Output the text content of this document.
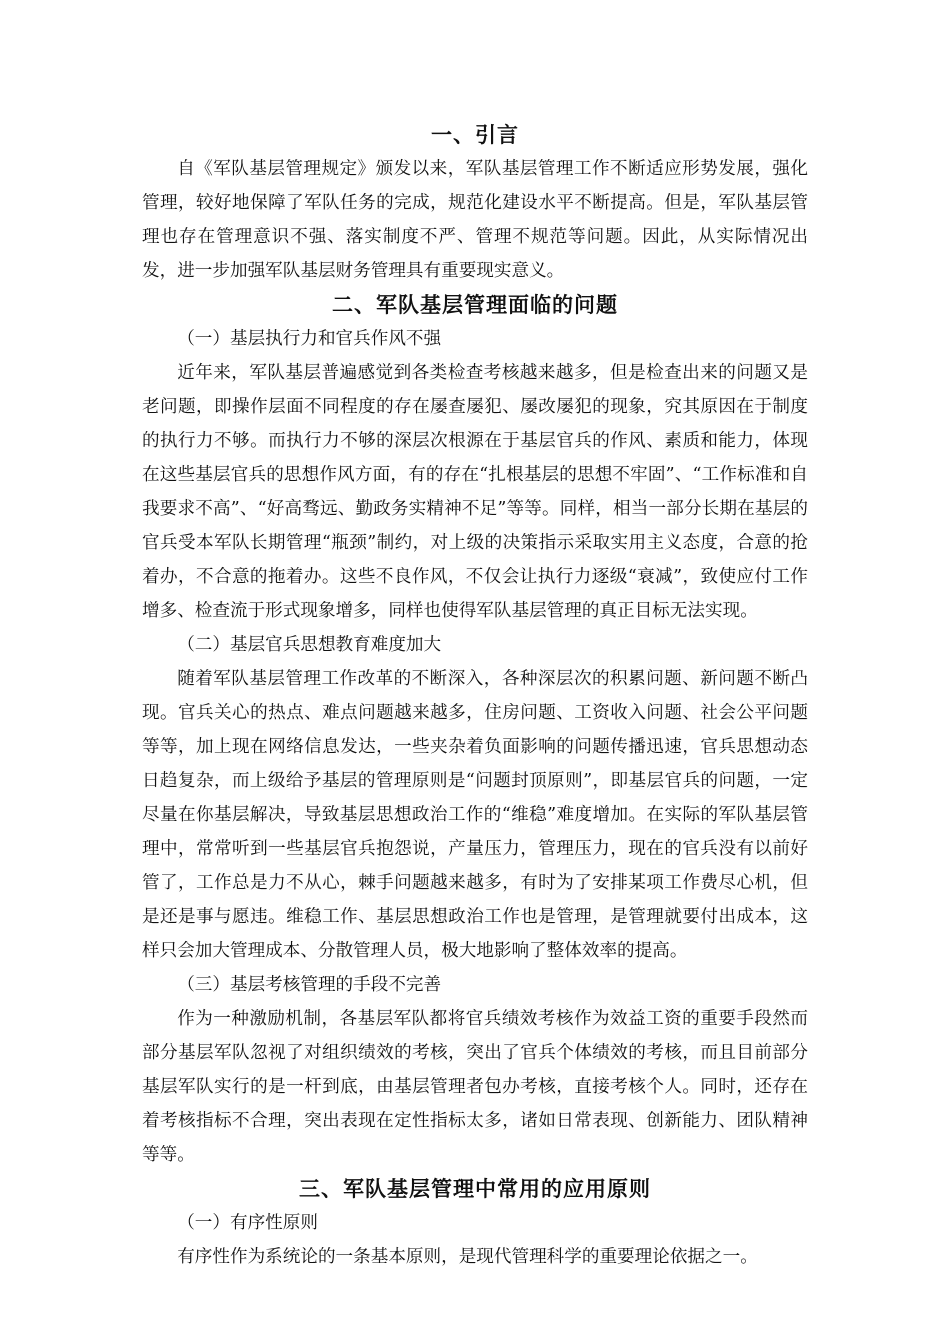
一、引言

自《军队基层管理规定》颁发以来，军队基层管理工作不断适应形势发展，强化管理，较好地保障了军队任务的完成，规范化建设水平不断提高。但是，军队基层管理也存在管理意识不强、落实制度不严、管理不规范等问题。因此，从实际情况出发，进一步加强军队基层财务管理具有重要现实意义。

二、军队基层管理面临的问题

（一）基层执行力和官兵作风不强

近年来，军队基层普遍感觉到各类检查考核越来越多，但是检查出来的问题又是老问题，即操作层面不同程度的存在屡查屡犯、屡改屡犯的现象，究其原因在于制度的执行力不够。而执行力不够的深层次根源在于基层官兵的作风、素质和能力，体现在这些基层官兵的思想作风方面，有的存在“扎根基层的思想不牢固”、“工作标准和自我要求不高”、“好高骛远、勤政务实精神不足”等等。同样，相当一部分长期在基层的官兵受本军队长期管理“瓶颈”制约，对上级的决策指示采取实用主义态度，合意的抢着办，不合意的拖着办。这些不良作风，不仅会让执行力逐级“衰减”，致使应付工作增多、检查流于形式现象增多，同样也使得军队基层管理的真正目标无法实现。

（二）基层官兵思想教育难度加大

随着军队基层管理工作改革的不断深入，各种深层次的积累问题、新问题不断凸现。官兵关心的热点、难点问题越来越多，住房问题、工资收入问题、社会公平问题等等，加上现在网络信息发达，一些夹杂着负面影响的问题传播迅速，官兵思想动态日趋复杂，而上级给予基层的管理原则是“问题封顶原则”，即基层官兵的问题，一定尽量在你基层解决，导致基层思想政治工作的“维稳”难度增加。在实际的军队基层管理中，常常听到一些基层官兵抱怨说，产量压力，管理压力，现在的官兵没有以前好管了，工作总是力不从心，棘手问题越来越多，有时为了安排某项工作费尽心机，但是还是事与愿违。维稳工作、基层思想政治工作也是管理，是管理就要付出成本，这样只会加大管理成本、分散管理人员，极大地影响了整体效率的提高。

（三）基层考核管理的手段不完善

作为一种激励机制，各基层军队都将官兵绩效考核作为效益工资的重要手段然而部分基层军队忽视了对组织绩效的考核，突出了官兵个体绩效的考核，而且目前部分基层军队实行的是一杆到底，由基层管理者包办考核，直接考核个人。同时，还存在着考核指标不合理，突出表现在定性指标太多，诸如日常表现、创新能力、团队精神等等。

三、军队基层管理中常用的应用原则

（一）有序性原则

有序性作为系统论的一条基本原则，是现代管理科学的重要理论依据之一。
